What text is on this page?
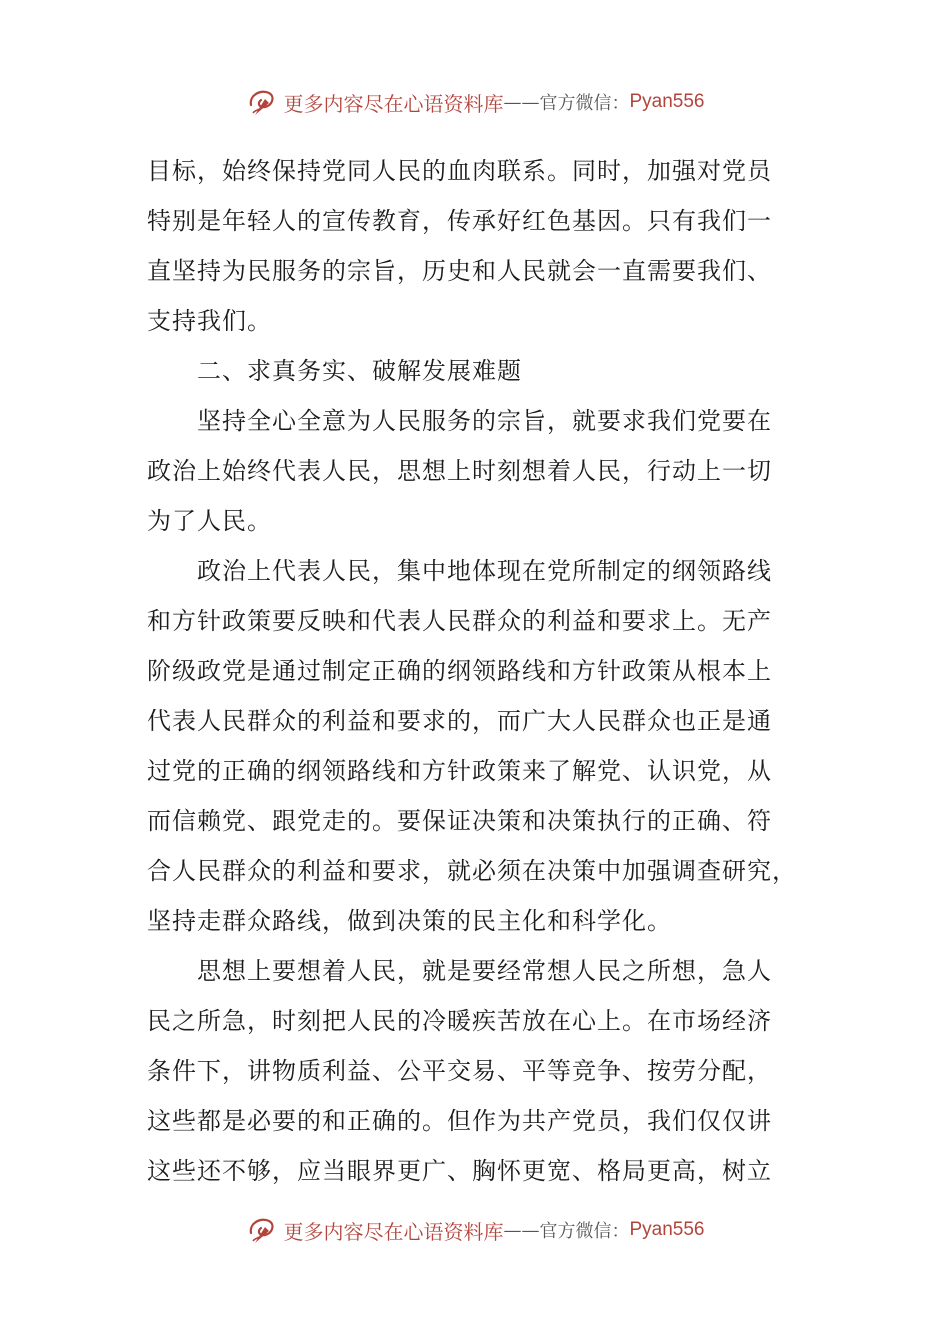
更多内容尽在心语资料库 —— 官方微信： Pyan556
目标，始终保持党同人民的血肉联系。同时，加强对党员
特别是年轻人的宣传教育，传承好红色基因。只有我们一
直坚持为民服务的宗旨，历史和人民就会一直需要我们、
支持我们。
二、求真务实、破解发展难题
坚持全心全意为人民服务的宗旨，就要求我们党要在
政治上始终代表人民，思想上时刻想着人民，行动上一切
为了人民。
政治上代表人民，集中地体现在党所制定的纲领路线
和方针政策要反映和代表人民群众的利益和要求上。无产
阶级政党是通过制定正确的纲领路线和方针政策从根本上
代表人民群众的利益和要求的，而广大人民群众也正是通
过党的正确的纲领路线和方针政策来了解党、认识党，从
而信赖党、跟党走的。要保证决策和决策执行的正确、符
合人民群众的利益和要求，就必须在决策中加强调查研究，
坚持走群众路线，做到决策的民主化和科学化。
思想上要想着人民，就是要经常想人民之所想，急人
民之所急，时刻把人民的冷暖疾苦放在心上。在市场经济
条件下，讲物质利益、公平交易、平等竞争、按劳分配，
这些都是必要的和正确的。但作为共产党员，我们仅仅讲
这些还不够，应当眼界更广、胸怀更宽、格局更高，树立
更多内容尽在心语资料库 —— 官方微信： Pyan556
